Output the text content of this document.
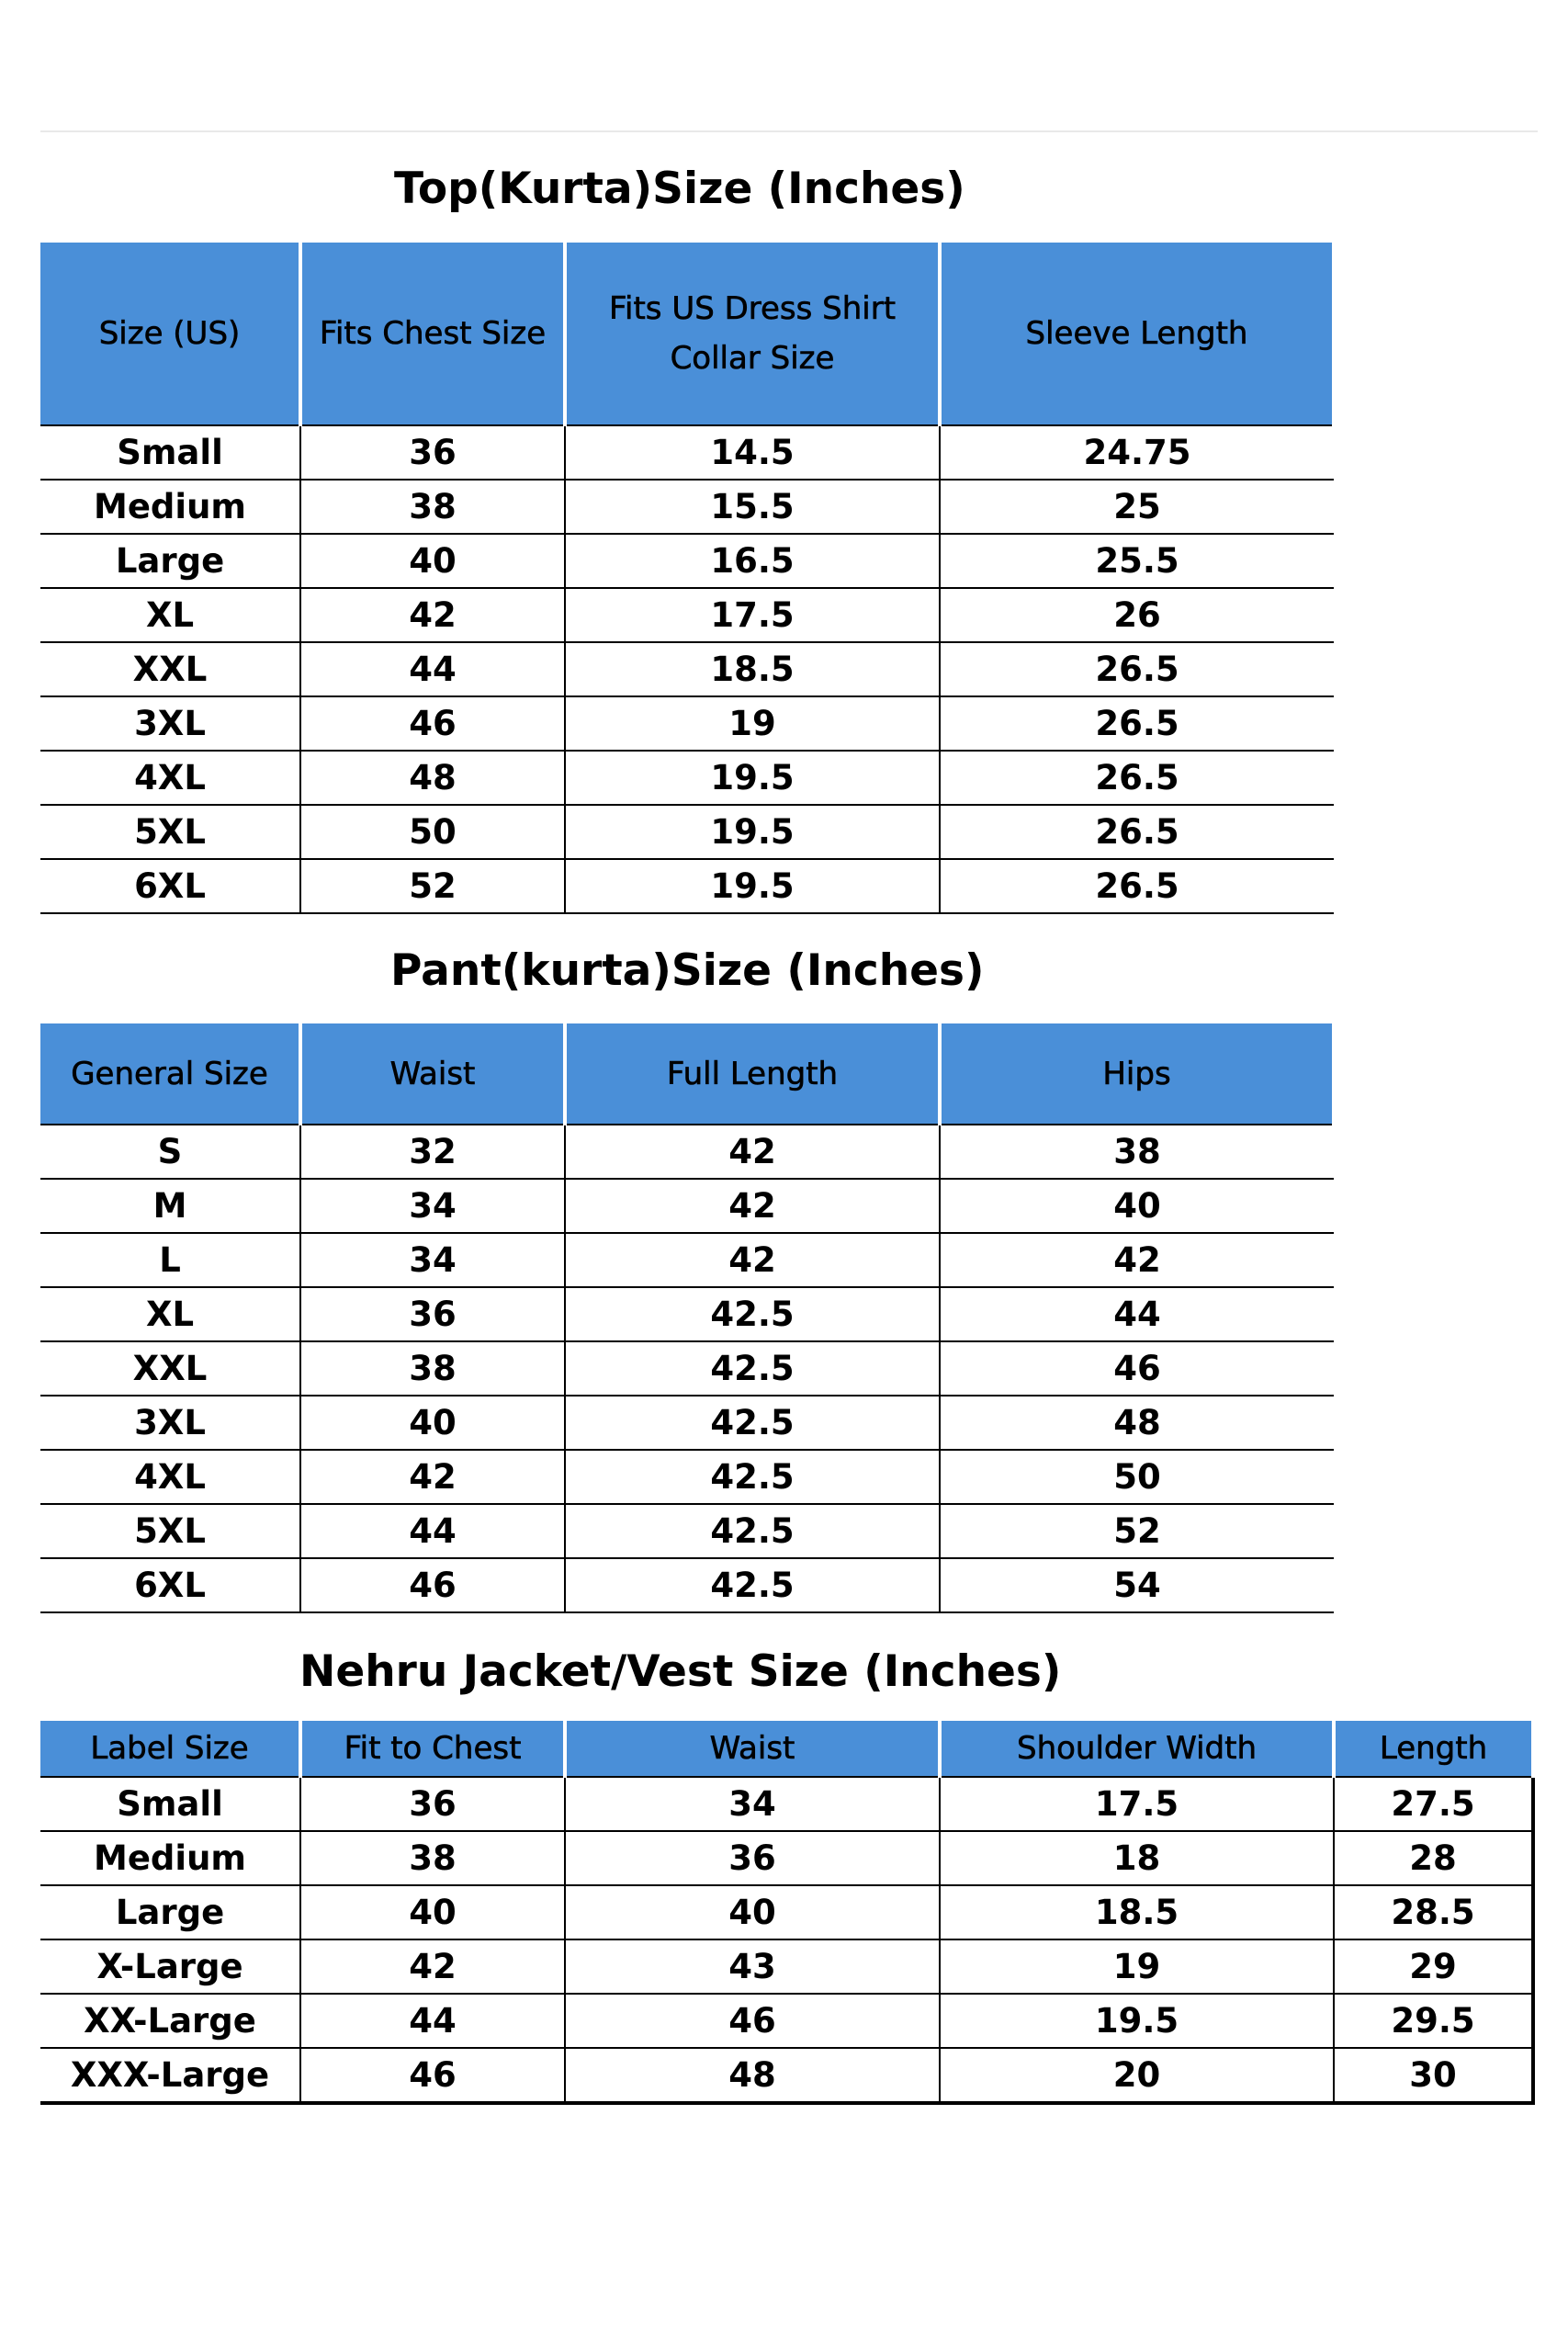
Top(Kurta)Size (Inches)
Size (US)	Fits Chest Size	Fits US Dress Shirt Collar Size	Sleeve Length
Small	36	14.5	24.75
Medium	38	15.5	25
Large	40	16.5	25.5
XL	42	17.5	26
XXL	44	18.5	26.5
3XL	46	19	26.5
4XL	48	19.5	26.5
5XL	50	19.5	26.5
6XL	52	19.5	26.5
Pant(kurta)Size (Inches)
General Size	Waist	Full Length	Hips
S	32	42	38
M	34	42	40
L	34	42	42
XL	36	42.5	44
XXL	38	42.5	46
3XL	40	42.5	48
4XL	42	42.5	50
5XL	44	42.5	52
6XL	46	42.5	54
Nehru Jacket/Vest Size (Inches)
Label Size	Fit to Chest	Waist	Shoulder Width	Length
Small	36	34	17.5	27.5
Medium	38	36	18	28
Large	40	40	18.5	28.5
X-Large	42	43	19	29
XX-Large	44	46	19.5	29.5
XXX-Large	46	48	20	30
